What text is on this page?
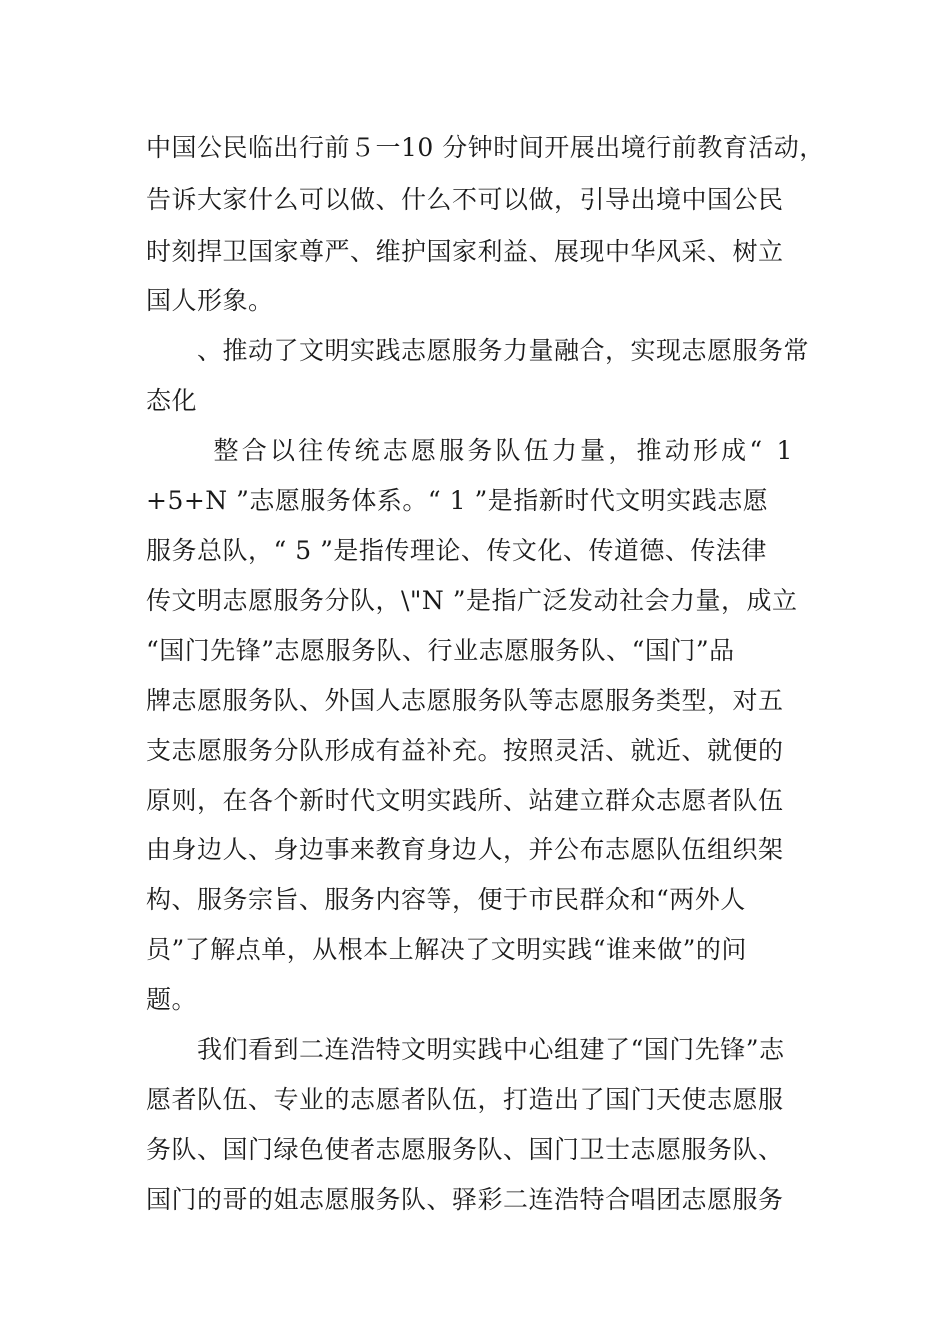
中国公民临出行前５一10 分钟时间开展出境行前教育活动，
告诉大家什么可以做、什么不可以做，引导出境中国公民
时刻捍卫国家尊严、维护国家利益、展现中华风采、树立
国人形象。
　　、推动了文明实践志愿服务力量融合，实现志愿服务常
态化
　　 整合以往传统志愿服务队伍力量，推动形成“ 1
+5+N ”志愿服务体系。“ 1 ”是指新时代文明实践志愿
服务总队，“ 5 ”是指传理论、传文化、传道德、传法律
传文明志愿服务分队，\"N ”是指广泛发动社会力量，成立
“国门先锋”志愿服务队、行业志愿服务队、“国门”品
牌志愿服务队、外国人志愿服务队等志愿服务类型，对五
支志愿服务分队形成有益补充。按照灵活、就近、就便的
原则，在各个新时代文明实践所、站建立群众志愿者队伍
由身边人、身边事来教育身边人，并公布志愿队伍组织架
构、服务宗旨、服务内容等，便于市民群众和“两外人
员”了解点单，从根本上解决了文明实践“谁来做”的问
题。
　　我们看到二连浩特文明实践中心组建了“国门先锋”志
愿者队伍、专业的志愿者队伍，打造出了国门天使志愿服
务队、国门绿色使者志愿服务队、国门卫士志愿服务队、
国门的哥的姐志愿服务队、驿彩二连浩特合唱团志愿服务
